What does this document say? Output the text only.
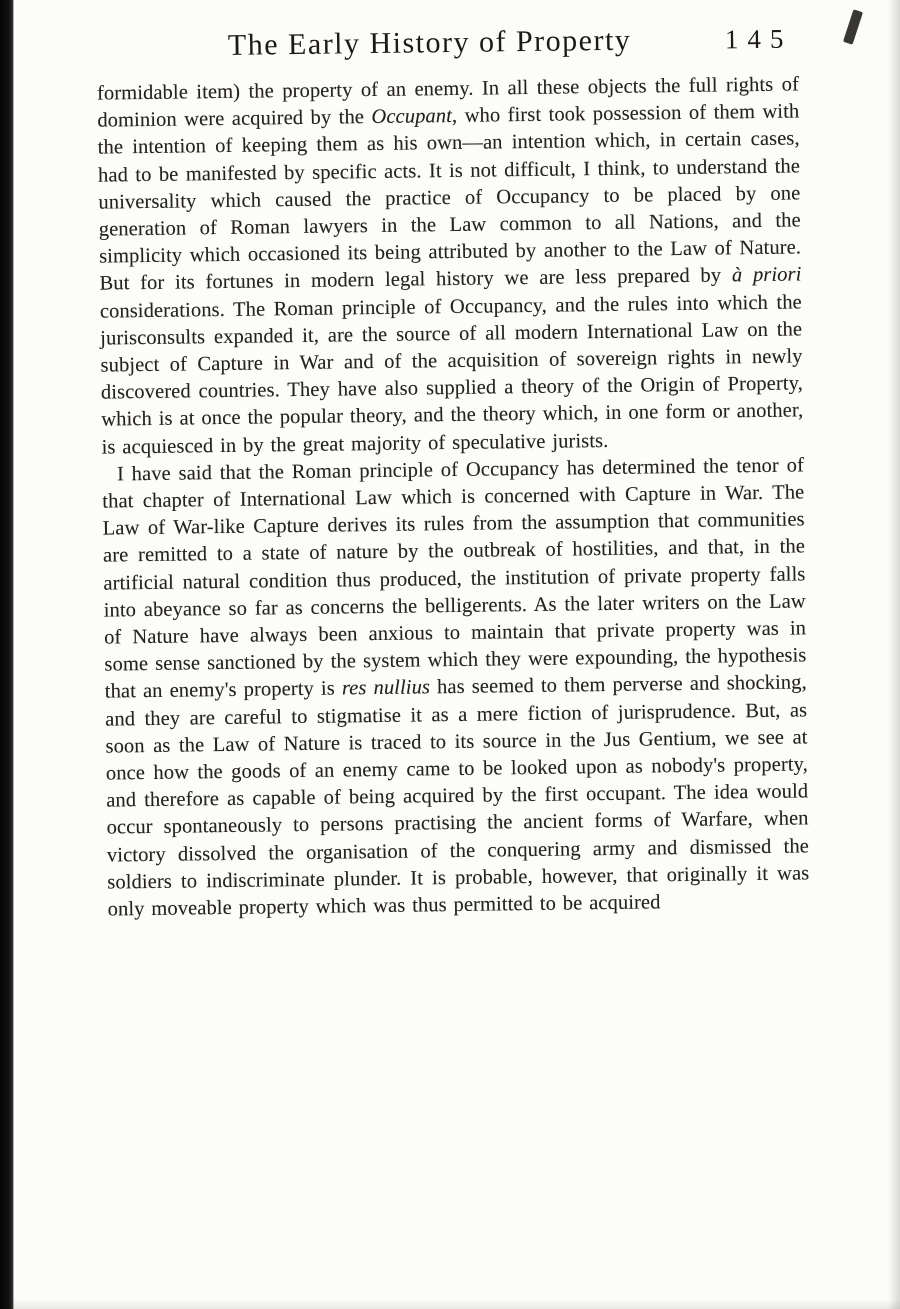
The Early History of Property	145

formidable item) the property of an enemy. In all these objects the full rights of dominion were acquired by the Occupant, who first took possession of them with the intention of keeping them as his own—an intention which, in certain cases, had to be manifested by specific acts. It is not difficult, I think, to understand the universality which caused the practice of Occupancy to be placed by one generation of Roman lawyers in the Law common to all Nations, and the simplicity which occasioned its being attributed by another to the Law of Nature. But for its fortunes in modern legal history we are less prepared by à priori considerations. The Roman principle of Occupancy, and the rules into which the jurisconsults expanded it, are the source of all modern International Law on the subject of Capture in War and of the acquisition of sovereign rights in newly discovered countries. They have also supplied a theory of the Origin of Property, which is at once the popular theory, and the theory which, in one form or another, is acquiesced in by the great majority of speculative jurists.

I have said that the Roman principle of Occupancy has determined the tenor of that chapter of International Law which is concerned with Capture in War. The Law of War-like Capture derives its rules from the assumption that communities are remitted to a state of nature by the outbreak of hostilities, and that, in the artificial natural condition thus produced, the institution of private property falls into abeyance so far as concerns the belligerents. As the later writers on the Law of Nature have always been anxious to maintain that private property was in some sense sanctioned by the system which they were expounding, the hypothesis that an enemy's property is res nullius has seemed to them perverse and shocking, and they are careful to stigmatise it as a mere fiction of jurisprudence. But, as soon as the Law of Nature is traced to its source in the Jus Gentium, we see at once how the goods of an enemy came to be looked upon as nobody's property, and therefore as capable of being acquired by the first occupant. The idea would occur spontaneously to persons practising the ancient forms of Warfare, when victory dissolved the organisation of the conquering army and dismissed the soldiers to indiscriminate plunder. It is probable, however, that originally it was only moveable property which was thus permitted to be acquired
